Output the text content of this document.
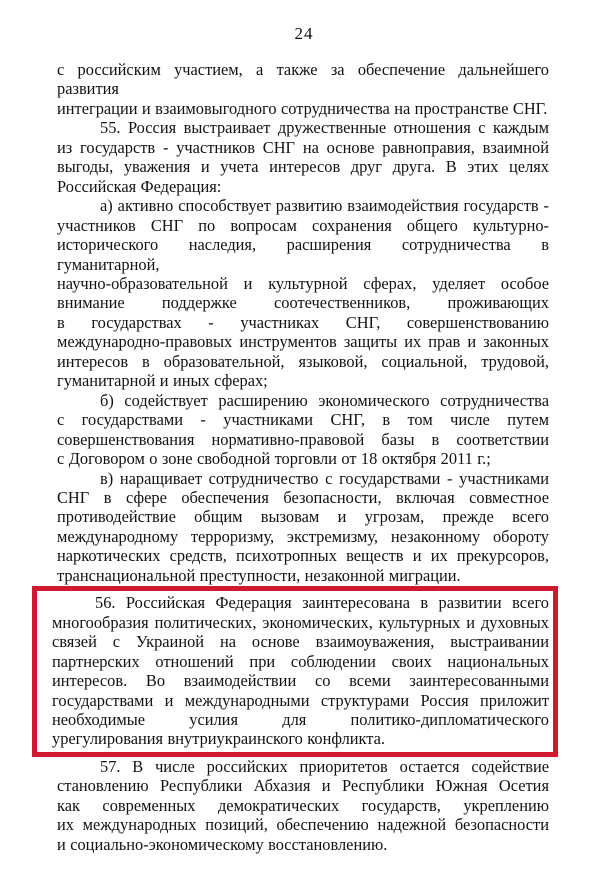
24
с российским участием, а также за обеспечение дальнейшего развития
интеграции и взаимовыгодного сотрудничества на пространстве СНГ.
55. Россия выстраивает дружественные отношения с каждым
из государств - участников СНГ на основе равноправия, взаимной
выгоды, уважения и учета интересов друг друга. В этих целях
Российская Федерация:
а) активно способствует развитию взаимодействия государств -
участников СНГ по вопросам сохранения общего культурно-
исторического наследия, расширения сотрудничества в гуманитарной,
научно-образовательной и культурной сферах, уделяет особое
внимание поддержке соотечественников, проживающих
в государствах - участниках СНГ, совершенствованию
международно-правовых инструментов защиты их прав и законных
интересов в образовательной, языковой, социальной, трудовой,
гуманитарной и иных сферах;
б) содействует расширению экономического сотрудничества
с государствами - участниками СНГ, в том числе путем
совершенствования нормативно-правовой базы в соответствии
с Договором о зоне свободной торговли от 18 октября 2011 г.;
в) наращивает сотрудничество с государствами - участниками
СНГ в сфере обеспечения безопасности, включая совместное
противодействие общим вызовам и угрозам, прежде всего
международному терроризму, экстремизму, незаконному обороту
наркотических средств, психотропных веществ и их прекурсоров,
транснациональной преступности, незаконной миграции.
56. Российская Федерация заинтересована в развитии всего
многообразия политических, экономических, культурных и духовных
связей с Украиной на основе взаимоуважения, выстраивании
партнерских отношений при соблюдении своих национальных
интересов. Во взаимодействии со всеми заинтересованными
государствами и международными структурами Россия приложит
необходимые усилия для политико-дипломатического
урегулирования внутриукраинского конфликта.
57. В числе российских приоритетов остается содействие
становлению Республики Абхазия и Республики Южная Осетия
как современных демократических государств, укреплению
их международных позиций, обеспечению надежной безопасности
и социально-экономическому восстановлению.
